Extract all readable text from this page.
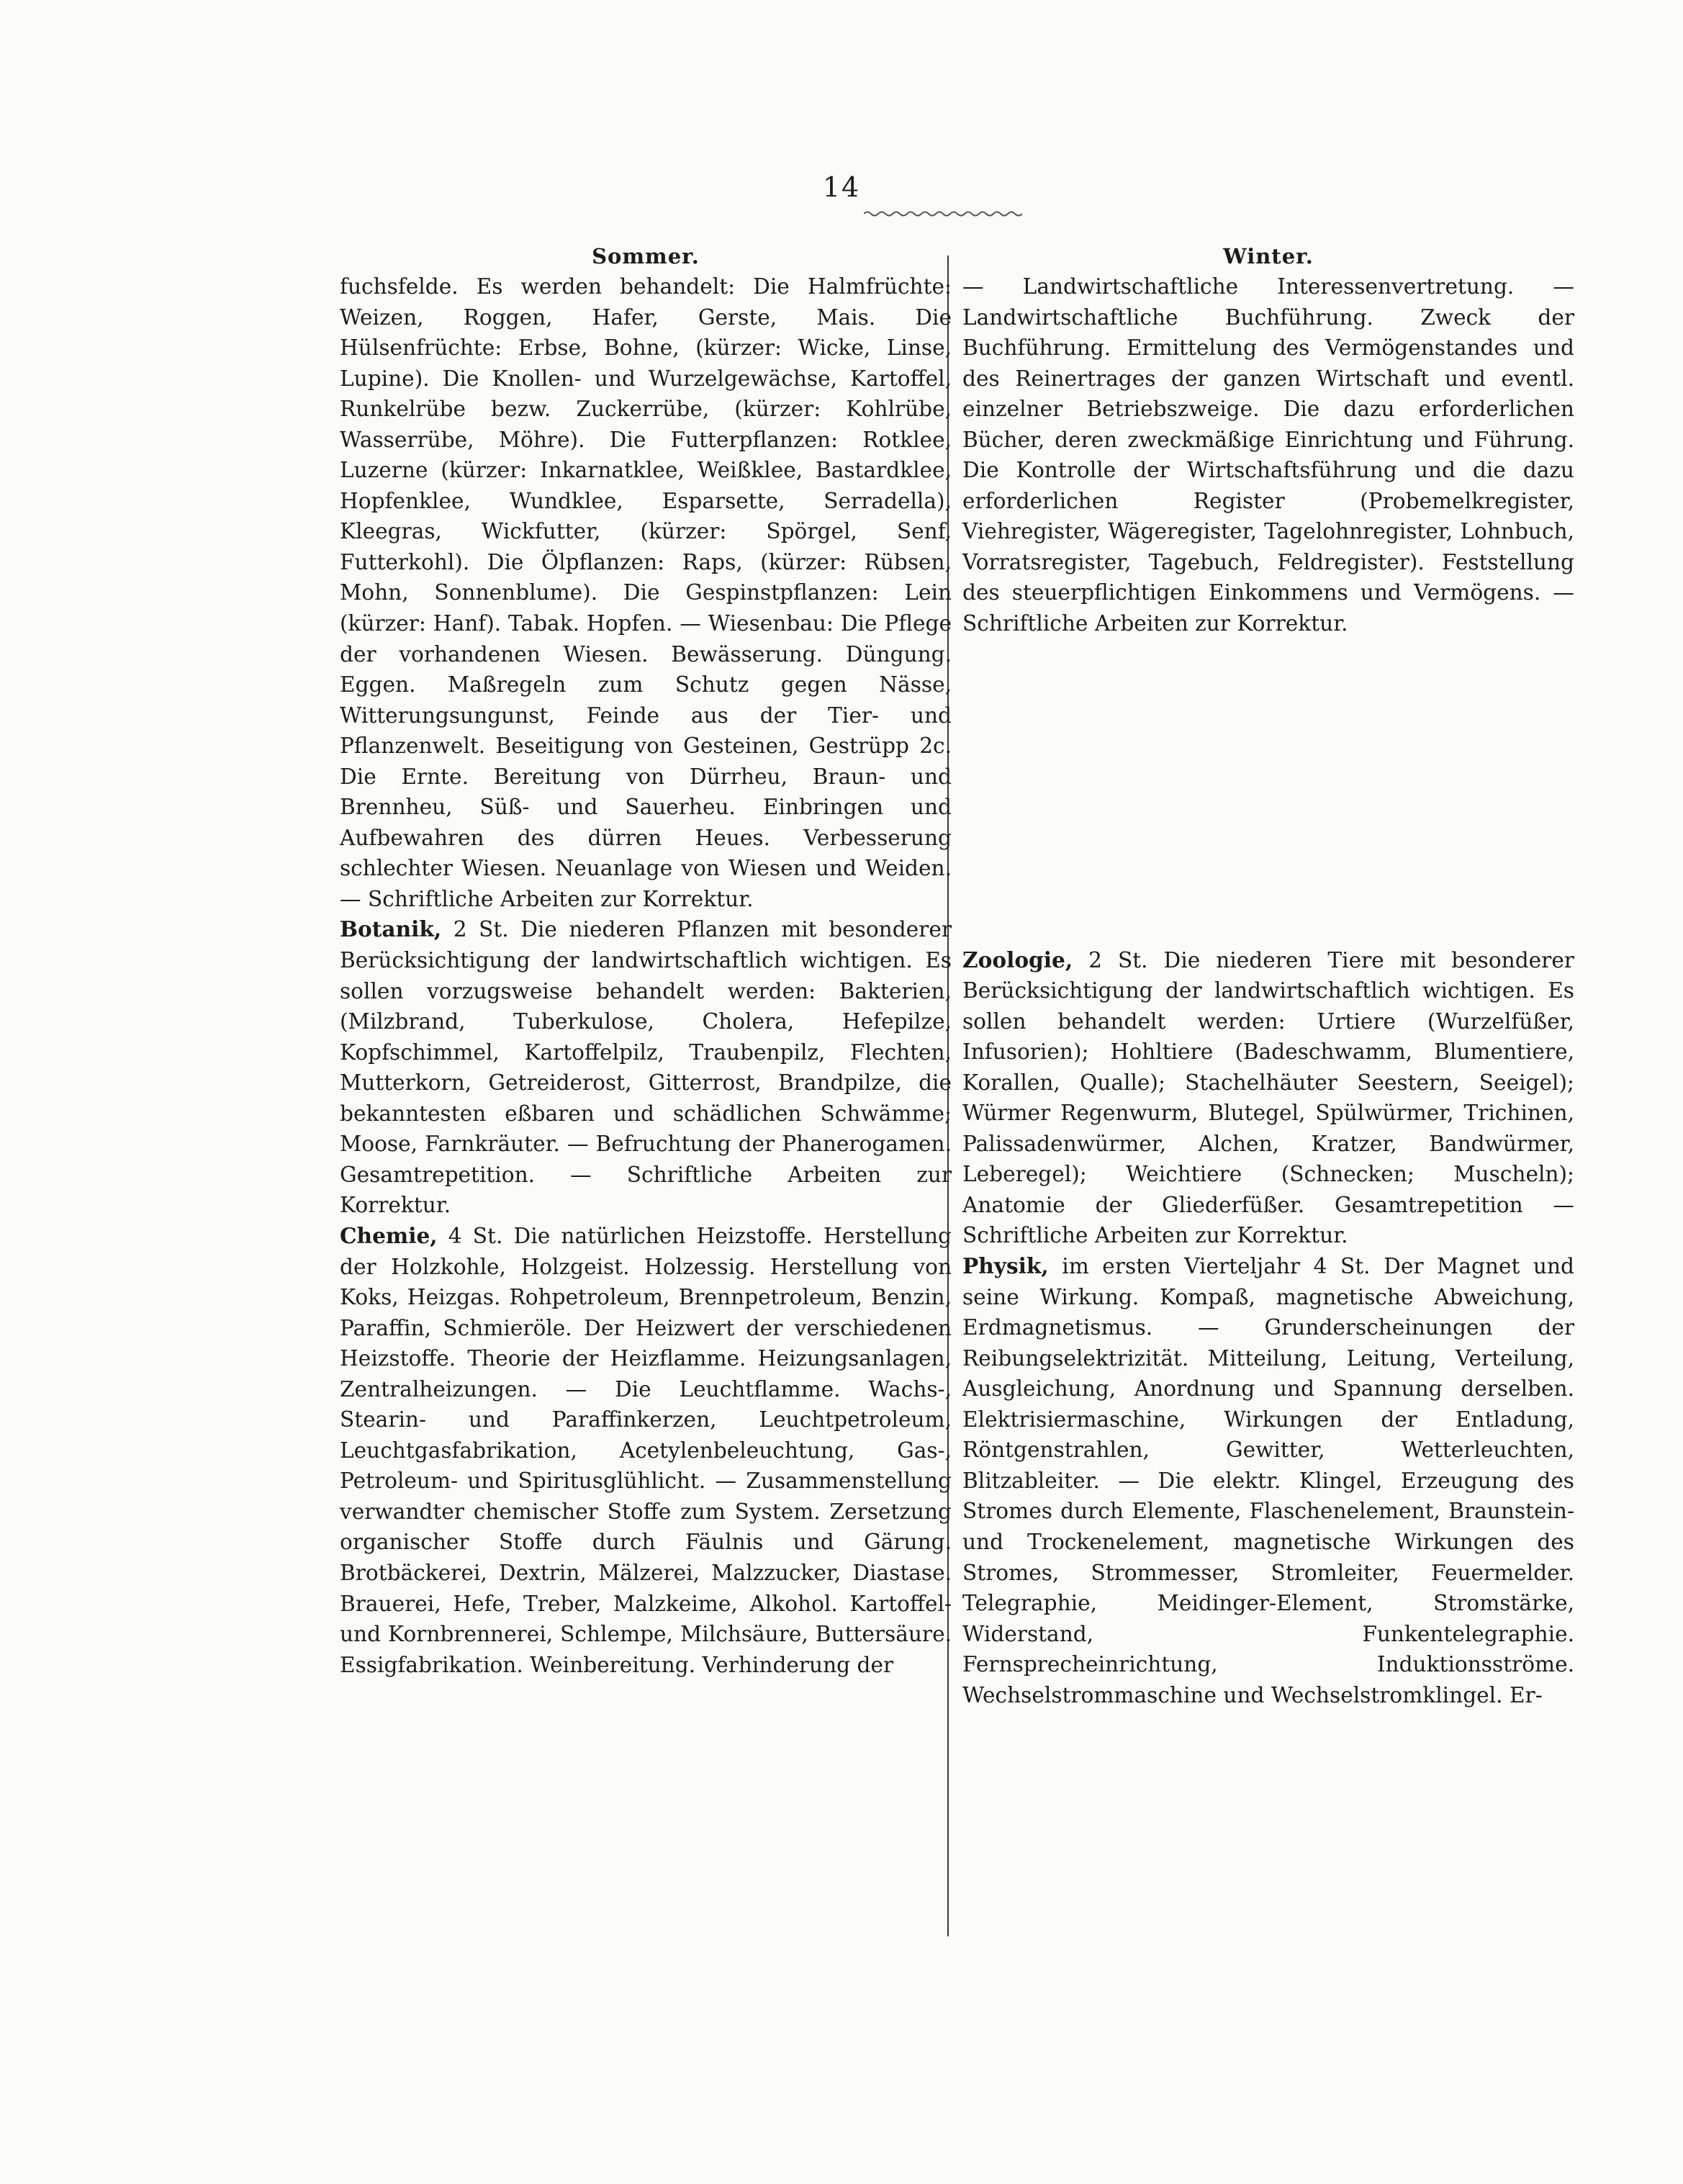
14
Sommer.

fuchsfelde. Es werden behandelt: Die Halmfrüchte: Weizen, Roggen, Hafer, Gerste, Mais. Die Hülsenfrüchte: Erbse, Bohne, (kürzer: Wicke, Linse, Lupine). Die Knollen- und Wurzelgewächse, Kartoffel, Runkelrübe bezw. Zuckerrübe, (kürzer: Kohlrübe, Wasserrübe, Möhre). Die Futterpflanzen: Rotklee, Luzerne (kürzer: Inkarnatklee, Weißklee, Bastardklee, Hopfenklee, Wundklee, Esparsette, Serradella), Kleegras, Wickfutter, (kürzer: Spörgel, Senf, Futterkohl). Die Ölpflanzen: Raps, (kürzer: Rübsen, Mohn, Sonnenblume). Die Gespinstpflanzen: Lein (kürzer: Hanf). Tabak. Hopfen. — Wiesenbau: Die Pflege der vorhandenen Wiesen. Bewässerung. Düngung. Eggen. Maßregeln zum Schutz gegen Nässe, Witterungsungunst, Feinde aus der Tier- und Pflanzenwelt. Beseitigung von Gesteinen, Gestrüpp 2c. Die Ernte. Bereitung von Dürrheu, Braun- und Brennheu, Süß- und Sauerheu. Einbringen und Aufbewahren des dürren Heues. Verbesserung schlechter Wiesen. Neuanlage von Wiesen und Weiden. — Schriftliche Arbeiten zur Korrektur.

Botanik, 2 St. Die niederen Pflanzen mit besonderer Berücksichtigung der landwirtschaftlich wichtigen. Es sollen vorzugsweise behandelt werden: Bakterien, (Milzbrand, Tuberkulose, Cholera, Hefepilze, Kopfschimmel, Kartoffelpilz, Traubenpilz, Flechten, Mutterkorn, Getreiderost, Gitterrost, Brandpilze, die bekanntesten eßbaren und schädlichen Schwämme; Moose, Farnkräuter. — Befruchtung der Phanerogamen. Gesamtrepetition. — Schriftliche Arbeiten zur Korrektur.

Chemie, 4 St. Die natürlichen Heizstoffe. Herstellung der Holzkohle, Holzgeist. Holzessig. Herstellung von Koks, Heizgas. Rohpetroleum, Brennpetroleum, Benzin, Paraffin, Schmieröle. Der Heizwert der verschiedenen Heizstoffe. Theorie der Heizflamme. Heizungsanlagen, Zentralheizungen. — Die Leuchtflamme. Wachs-, Stearin- und Paraffinkerzen, Leuchtpetroleum, Leuchtgasfabrikation, Acetylenbeleuchtung, Gas-, Petroleum- und Spiritusglühlicht. — Zusammenstellung verwandter chemischer Stoffe zum System. Zersetzung organischer Stoffe durch Fäulnis und Gärung. Brotbäckerei, Dextrin, Mälzerei, Malzzucker, Diastase. Brauerei, Hefe, Treber, Malzkeime, Alkohol. Kartoffel- und Kornbrennerei, Schlempe, Milchsäure, Buttersäure. Essigfabrikation. Weinbereitung. Verhinderung der

Winter.

— Landwirtschaftliche Interessenvertretung. — Landwirtschaftliche Buchführung. Zweck der Buchführung. Ermittelung des Vermögenstandes und des Reinertrages der ganzen Wirtschaft und eventl. einzelner Betriebszweige. Die dazu erforderlichen Bücher, deren zweckmäßige Einrichtung und Führung. Die Kontrolle der Wirtschaftsführung und die dazu erforderlichen Register (Probemelkregister, Viehregister, Wägeregister, Tagelohnregister, Lohnbuch, Vorratsregister, Tagebuch, Feldregister). Feststellung des steuerpflichtigen Einkommens und Vermögens. — Schriftliche Arbeiten zur Korrektur.

Zoologie, 2 St. Die niederen Tiere mit besonderer Berücksichtigung der landwirtschaftlich wichtigen. Es sollen behandelt werden: Urtiere (Wurzelfüßer, Infusorien); Hohltiere (Badeschwamm, Blumentiere, Korallen, Qualle); Stachelhäuter Seestern, Seeigel); Würmer Regenwurm, Blutegel, Spülwürmer, Trichinen, Palissadenwürmer, Alchen, Kratzer, Bandwürmer, Leberegel); Weichtiere (Schnecken; Muscheln); Anatomie der Gliederfüßer. Gesamtrepetition — Schriftliche Arbeiten zur Korrektur.

Physik, im ersten Vierteljahr 4 St. Der Magnet und seine Wirkung. Kompaß, magnetische Abweichung, Erdmagnetismus. — Grunderscheinungen der Reibungselektrizität. Mitteilung, Leitung, Verteilung, Ausgleichung, Anordnung und Spannung derselben. Elektrisiermaschine, Wirkungen der Entladung, Röntgenstrahlen, Gewitter, Wetterleuchten, Blitzableiter. — Die elektr. Klingel, Erzeugung des Stromes durch Elemente, Flaschenelement, Braunstein- und Trockenelement, magnetische Wirkungen des Stromes, Strommesser, Stromleiter, Feuermelder. Telegraphie, Meidinger-Element, Stromstärke, Widerstand, Funkentelegraphie. Fernsprecheinrichtung, Induktionsströme. Wechselstrommaschine und Wechselstromklingel. Er-
